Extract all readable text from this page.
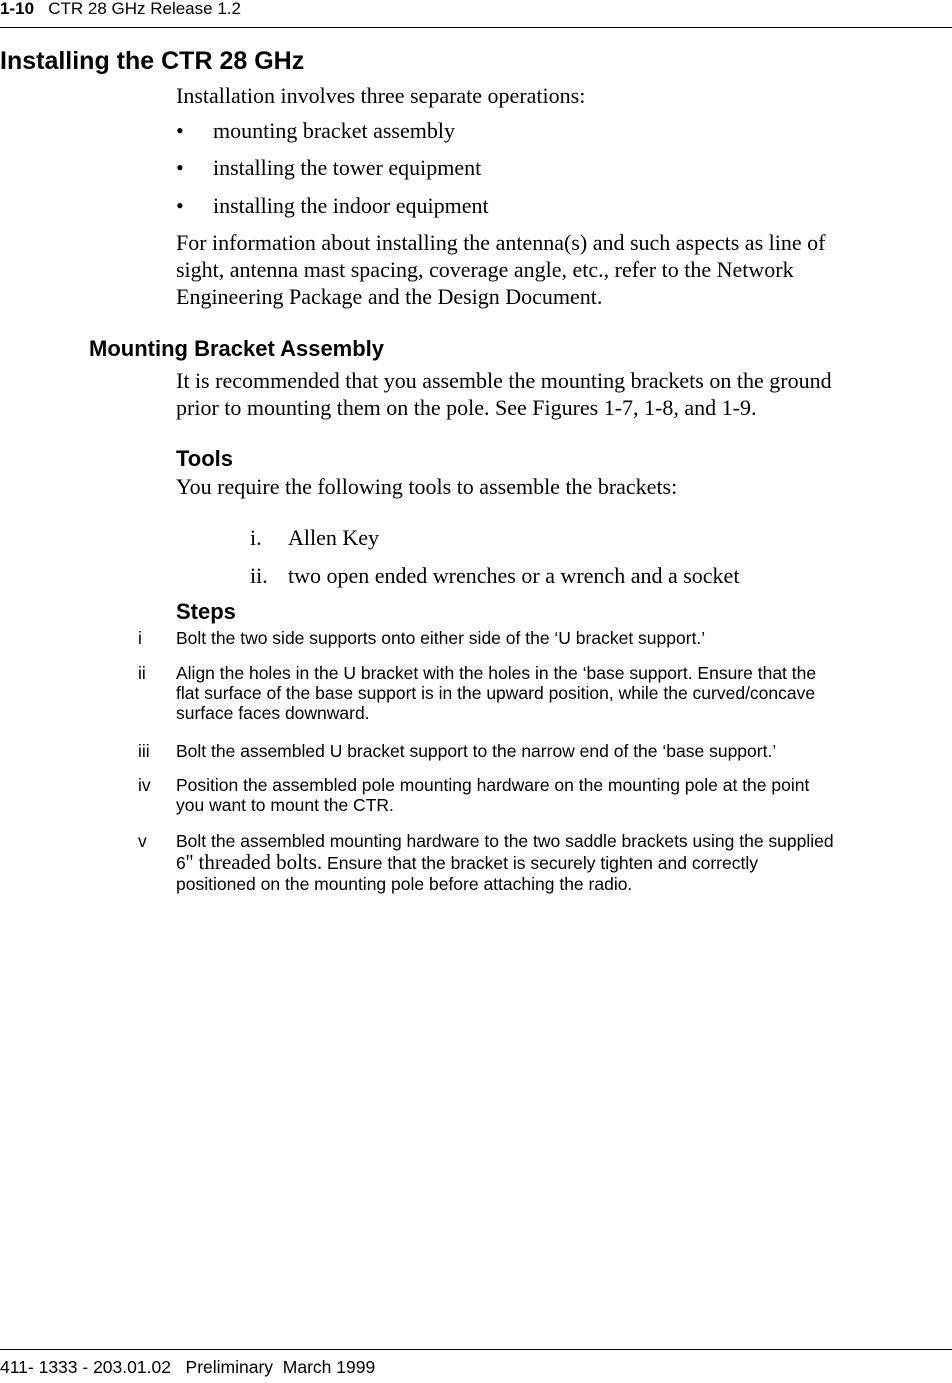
1-10 CTR 28 GHz Release 1.2
Installing the CTR 28 GHz
Installation involves three separate operations:
• mounting bracket assembly
• installing the tower equipment
• installing the indoor equipment
For information about installing the antenna(s) and such aspects as line of
sight, antenna mast spacing, coverage angle, etc., refer to the Network
Engineering Package and the Design Document.
Mounting Bracket Assembly
It is recommended that you assemble the mounting brackets on the ground
prior to mounting them on the pole. See Figures 1-7, 1-8, and 1-9.
Tools
You require the following tools to assemble the brackets:
i. Allen Key
ii. two open ended wrenches or a wrench and a socket
Steps
i Bolt the two side supports onto either side of the ‘U bracket support.’
ii Align the holes in the U bracket with the holes in the ‘base support. Ensure that the
flat surface of the base support is in the upward position, while the curved/concave
surface faces downward.
iii Bolt the assembled U bracket support to the narrow end of the ‘base support.’
iv Position the assembled pole mounting hardware on the mounting pole at the point
you want to mount the CTR.
v Bolt the assembled mounting hardware to the two saddle brackets using the supplied
6'' threaded bolts. Ensure that the bracket is securely tighten and correctly
positioned on the mounting pole before attaching the radio.
411- 1333 - 203.01.02 Preliminary March 1999
